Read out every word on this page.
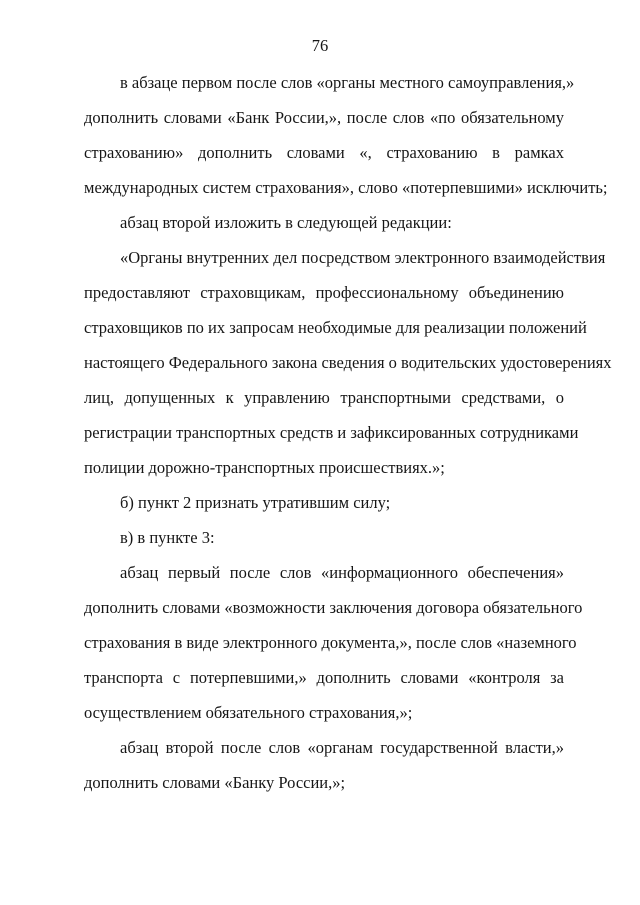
76
в абзаце первом после слов «органы местного самоуправления,»
дополнить словами «Банк России,», после слов «по обязательному
страхованию» дополнить словами «, страхованию в рамках
международных систем страхования», слово «потерпевшими» исключить;
абзац второй изложить в следующей редакции:
«Органы внутренних дел посредством электронного взаимодействия
предоставляют страховщикам, профессиональному объединению
страховщиков по их запросам необходимые для реализации положений
настоящего Федерального закона сведения о водительских удостоверениях
лиц, допущенных к управлению транспортными средствами, о
регистрации транспортных средств и зафиксированных сотрудниками
полиции дорожно-транспортных происшествиях.»;
б) пункт 2 признать утратившим силу;
в) в пункте 3:
абзац первый после слов «информационного обеспечения»
дополнить словами «возможности заключения договора обязательного
страхования в виде электронного документа,», после слов «наземного
транспорта с потерпевшими,» дополнить словами «контроля за
осуществлением обязательного страхования,»;
абзац второй после слов «органам государственной власти,»
дополнить словами «Банку России,»;
